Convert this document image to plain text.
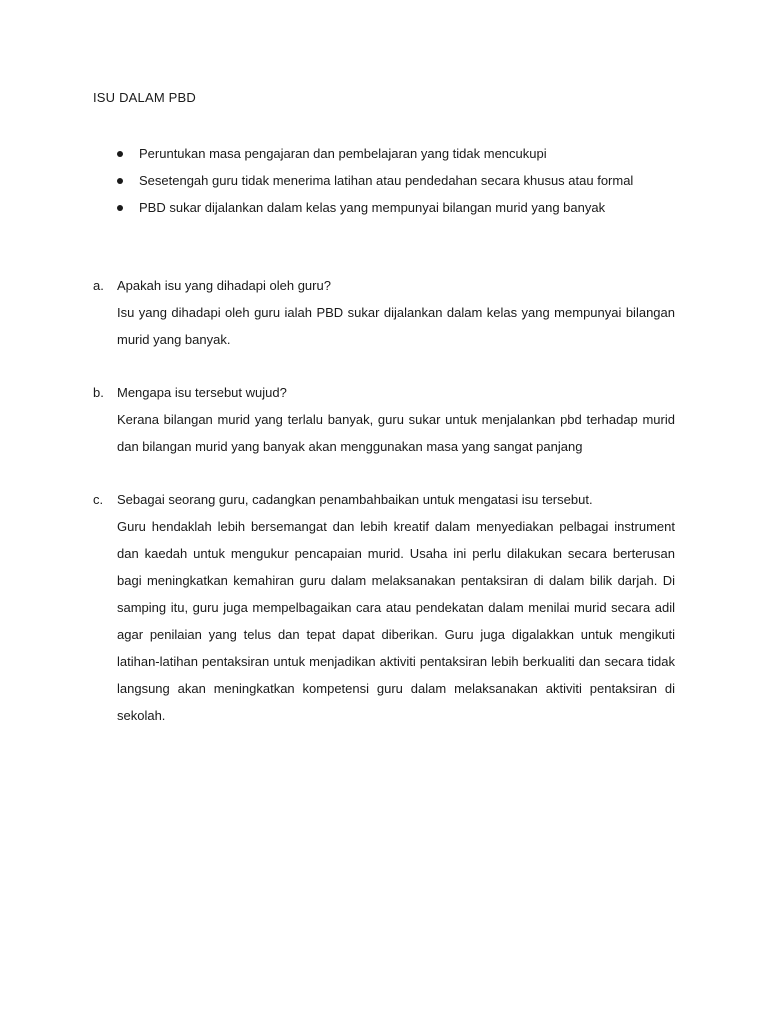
ISU DALAM PBD
Peruntukan masa pengajaran dan pembelajaran yang tidak mencukupi
Sesetengah guru tidak menerima latihan atau pendedahan secara khusus atau formal
PBD sukar dijalankan dalam kelas yang mempunyai bilangan murid yang banyak
a. Apakah isu yang dihadapi oleh guru?
Isu yang dihadapi oleh guru ialah PBD sukar dijalankan dalam kelas yang mempunyai bilangan murid yang banyak.
b. Mengapa isu tersebut wujud?
Kerana bilangan murid yang terlalu banyak, guru sukar untuk menjalankan pbd terhadap murid dan bilangan murid yang banyak akan menggunakan masa yang sangat panjang
c. Sebagai seorang guru, cadangkan penambahbaikan untuk mengatasi isu tersebut.
Guru hendaklah lebih bersemangat dan lebih kreatif dalam menyediakan pelbagai instrument dan kaedah untuk mengukur pencapaian murid. Usaha ini perlu dilakukan secara berterusan bagi meningkatkan kemahiran guru dalam melaksanakan pentaksiran di dalam bilik darjah. Di samping itu, guru juga mempelbagaikan cara atau pendekatan dalam menilai murid secara adil agar penilaian yang telus dan tepat dapat diberikan. Guru juga digalakkan untuk mengikuti latihan-latihan pentaksiran untuk menjadikan aktiviti pentaksiran lebih berkualiti dan secara tidak langsung akan meningkatkan kompetensi guru dalam melaksanakan aktiviti pentaksiran di sekolah.
